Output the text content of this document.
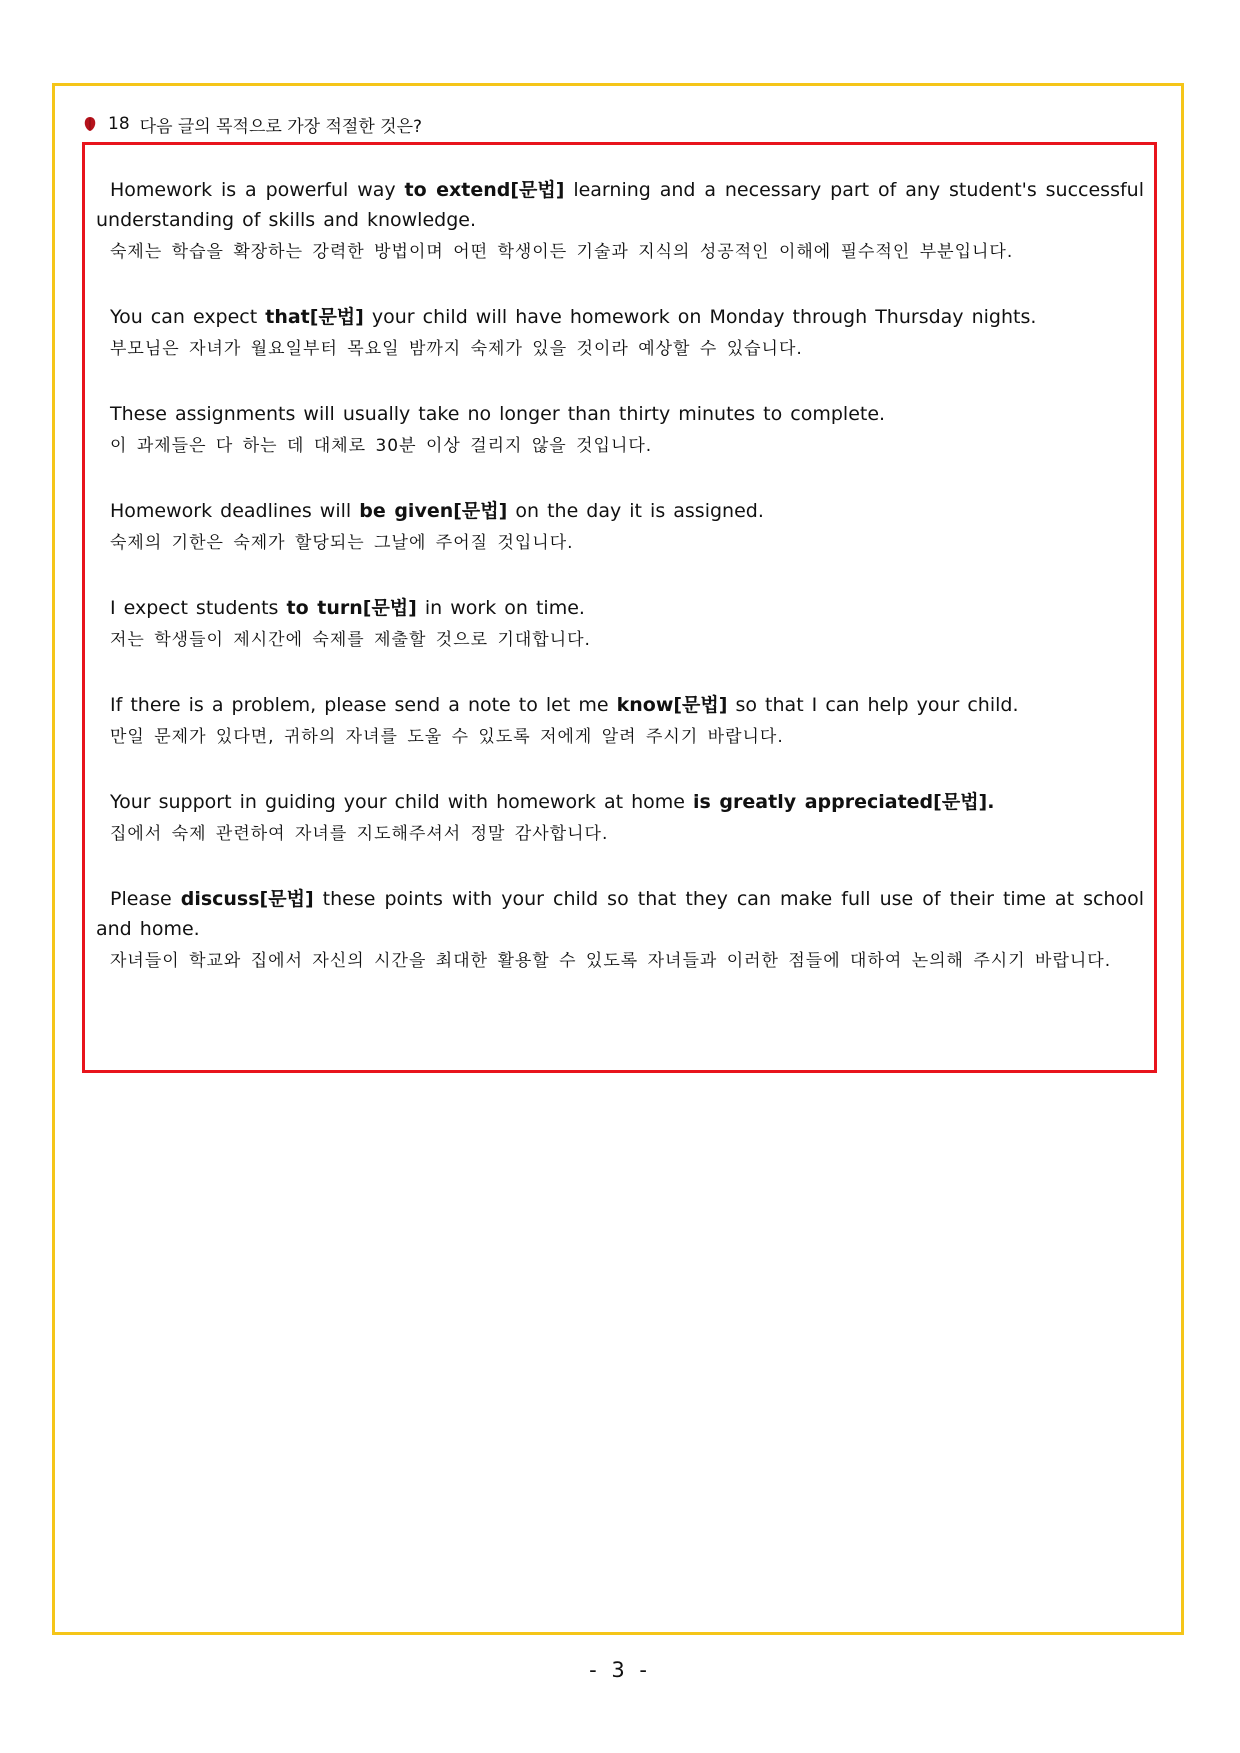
18 다음 글의 목적으로 가장 적절한 것은?

Homework is a powerful way to extend[문법] learning and a necessary part of any student's successful understanding of skills and knowledge.

숙제는 학습을 확장하는 강력한 방법이며 어떤 학생이든 기술과 지식의 성공적인 이해에 필수적인 부분입니다.

You can expect that[문법] your child will have homework on Monday through Thursday nights.

부모님은 자녀가 월요일부터 목요일 밤까지 숙제가 있을 것이라 예상할 수 있습니다.

These assignments will usually take no longer than thirty minutes to complete.

이 과제들은 다 하는 데 대체로 30분 이상 걸리지 않을 것입니다.

Homework deadlines will be given[문법] on the day it is assigned.

숙제의 기한은 숙제가 할당되는 그날에 주어질 것입니다.

I expect students to turn[문법] in work on time.

저는 학생들이 제시간에 숙제를 제출할 것으로 기대합니다.

If there is a problem, please send a note to let me know[문법] so that I can help your child.

만일 문제가 있다면, 귀하의 자녀를 도울 수 있도록 저에게 알려 주시기 바랍니다.

Your support in guiding your child with homework at home is greatly appreciated[문법].

집에서 숙제 관련하여 자녀를 지도해주셔서 정말 감사합니다.

Please discuss[문법] these points with your child so that they can make full use of their time at school and home.

자녀들이 학교와 집에서 자신의 시간을 최대한 활용할 수 있도록 자녀들과 이러한 점들에 대하여 논의해 주시기 바랍니다.

- 3 -
